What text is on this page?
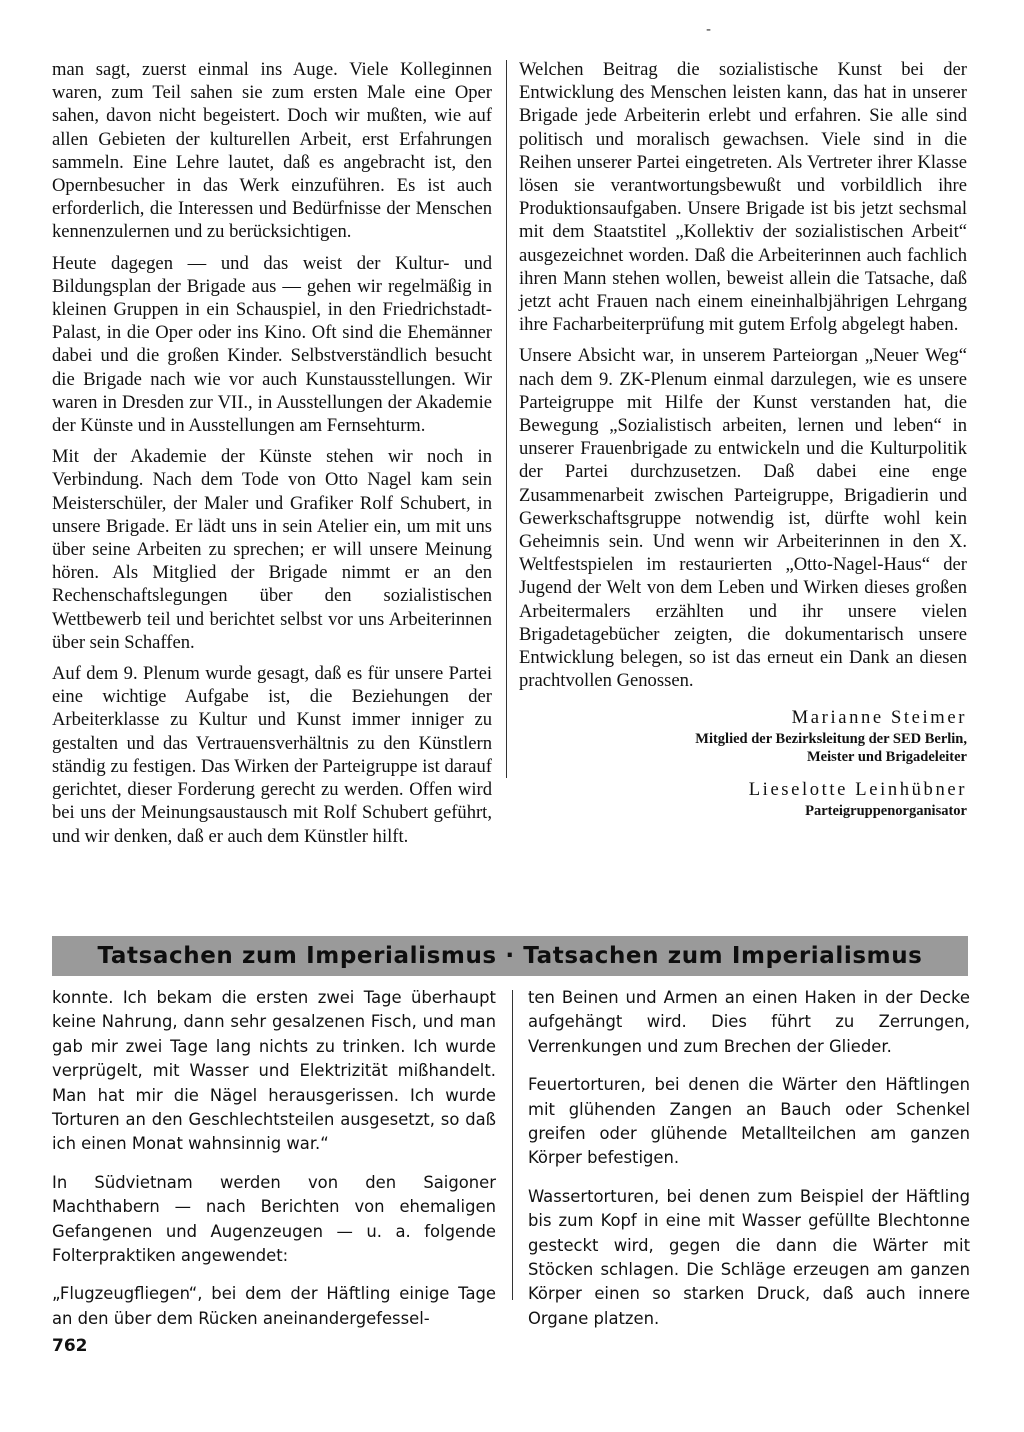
-

man sagt, zuerst einmal ins Auge. Viele Kolleginnen waren, zum Teil sahen sie zum ersten Male eine Oper sahen, davon nicht begeistert. Doch wir mußten, wie auf allen Gebieten der kulturellen Arbeit, erst Erfahrungen sammeln. Eine Lehre lautet, daß es angebracht ist, den Opernbesucher in das Werk einzuführen. Es ist auch erforderlich, die Interessen und Bedürfnisse der Menschen kennenzulernen und zu berücksichtigen.

Heute dagegen — und das weist der Kultur- und Bildungsplan der Brigade aus — gehen wir regelmäßig in kleinen Gruppen in ein Schauspiel, in den Friedrichstadt-Palast, in die Oper oder ins Kino. Oft sind die Ehemänner dabei und die großen Kinder. Selbstverständlich besucht die Brigade nach wie vor auch Kunstausstellungen. Wir waren in Dresden zur VII., in Ausstellungen der Akademie der Künste und in Ausstellungen am Fernsehturm.

Mit der Akademie der Künste stehen wir noch in Verbindung. Nach dem Tode von Otto Nagel kam sein Meisterschüler, der Maler und Grafiker Rolf Schubert, in unsere Brigade. Er lädt uns in sein Atelier ein, um mit uns über seine Arbeiten zu sprechen; er will unsere Meinung hören. Als Mitglied der Brigade nimmt er an den Rechenschaftslegungen über den sozialistischen Wettbewerb teil und berichtet selbst vor uns Arbeiterinnen über sein Schaffen.

Auf dem 9. Plenum wurde gesagt, daß es für unsere Partei eine wichtige Aufgabe ist, die Beziehungen der Arbeiterklasse zu Kultur und Kunst immer inniger zu gestalten und das Vertrauensverhältnis zu den Künstlern ständig zu festigen. Das Wirken der Parteigruppe ist darauf gerichtet, dieser Forderung gerecht zu werden. Offen wird bei uns der Meinungsaustausch mit Rolf Schubert geführt, und wir denken, daß er auch dem Künstler hilft.

Welchen Beitrag die sozialistische Kunst bei der Entwicklung des Menschen leisten kann, das hat in unserer Brigade jede Arbeiterin erlebt und erfahren. Sie alle sind politisch und moralisch gewachsen. Viele sind in die Reihen unserer Partei eingetreten. Als Vertreter ihrer Klasse lösen sie verantwortungsbewußt und vorbildlich ihre Produktionsaufgaben. Unsere Brigade ist bis jetzt sechsmal mit dem Staatstitel „Kollektiv der sozialistischen Arbeit“ ausgezeichnet worden. Daß die Arbeiterinnen auch fachlich ihren Mann stehen wollen, beweist allein die Tatsache, daß jetzt acht Frauen nach einem eineinhalbjährigen Lehrgang ihre Facharbeiterprüfung mit gutem Erfolg abgelegt haben.

Unsere Absicht war, in unserem Parteiorgan „Neuer Weg“ nach dem 9. ZK-Plenum einmal darzulegen, wie es unsere Parteigruppe mit Hilfe der Kunst verstanden hat, die Bewegung „Sozialistisch arbeiten, lernen und leben“ in unserer Frauenbrigade zu entwickeln und die Kulturpolitik der Partei durchzusetzen. Daß dabei eine enge Zusammenarbeit zwischen Parteigruppe, Brigadierin und Gewerkschaftsgruppe notwendig ist, dürfte wohl kein Geheimnis sein. Und wenn wir Arbeiterinnen in den X. Weltfestspielen im restaurierten „Otto-Nagel-Haus“ der Jugend der Welt von dem Leben und Wirken dieses großen Arbeitermalers erzählten und ihr unsere vielen Brigadetagebücher zeigten, die dokumentarisch unsere Entwicklung belegen, so ist das erneut ein Dank an diesen prachtvollen Genossen.

Marianne Steimer
Mitglied der Bezirksleitung der SED Berlin,
Meister und Brigadeleiter
Lieselotte Leinhübner
Parteigruppenorganisator
Tatsachen zum Imperialismus · Tatsachen zum Imperialismus

konnte. Ich bekam die ersten zwei Tage überhaupt keine Nahrung, dann sehr gesalzenen Fisch, und man gab mir zwei Tage lang nichts zu trinken. Ich wurde verprügelt, mit Wasser und Elektrizität mißhandelt. Man hat mir die Nägel herausgerissen. Ich wurde Torturen an den Geschlechtsteilen ausgesetzt, so daß ich einen Monat wahnsinnig war.“

In Südvietnam werden von den Saigoner Machthabern — nach Berichten von ehemaligen Gefangenen und Augenzeugen — u. a. folgende Folterpraktiken angewendet:

„Flugzeugfliegen“, bei dem der Häftling einige Tage an den über dem Rücken aneinandergefessel-

ten Beinen und Armen an einen Haken in der Decke aufgehängt wird. Dies führt zu Zerrungen, Verrenkungen und zum Brechen der Glieder.

Feuertorturen, bei denen die Wärter den Häftlingen mit glühenden Zangen an Bauch oder Schenkel greifen oder glühende Metallteilchen am ganzen Körper befestigen.

Wassertorturen, bei denen zum Beispiel der Häftling bis zum Kopf in eine mit Wasser gefüllte Blechtonne gesteckt wird, gegen die dann die Wärter mit Stöcken schlagen. Die Schläge erzeugen am ganzen Körper einen so starken Druck, daß auch innere Organe platzen.

762
